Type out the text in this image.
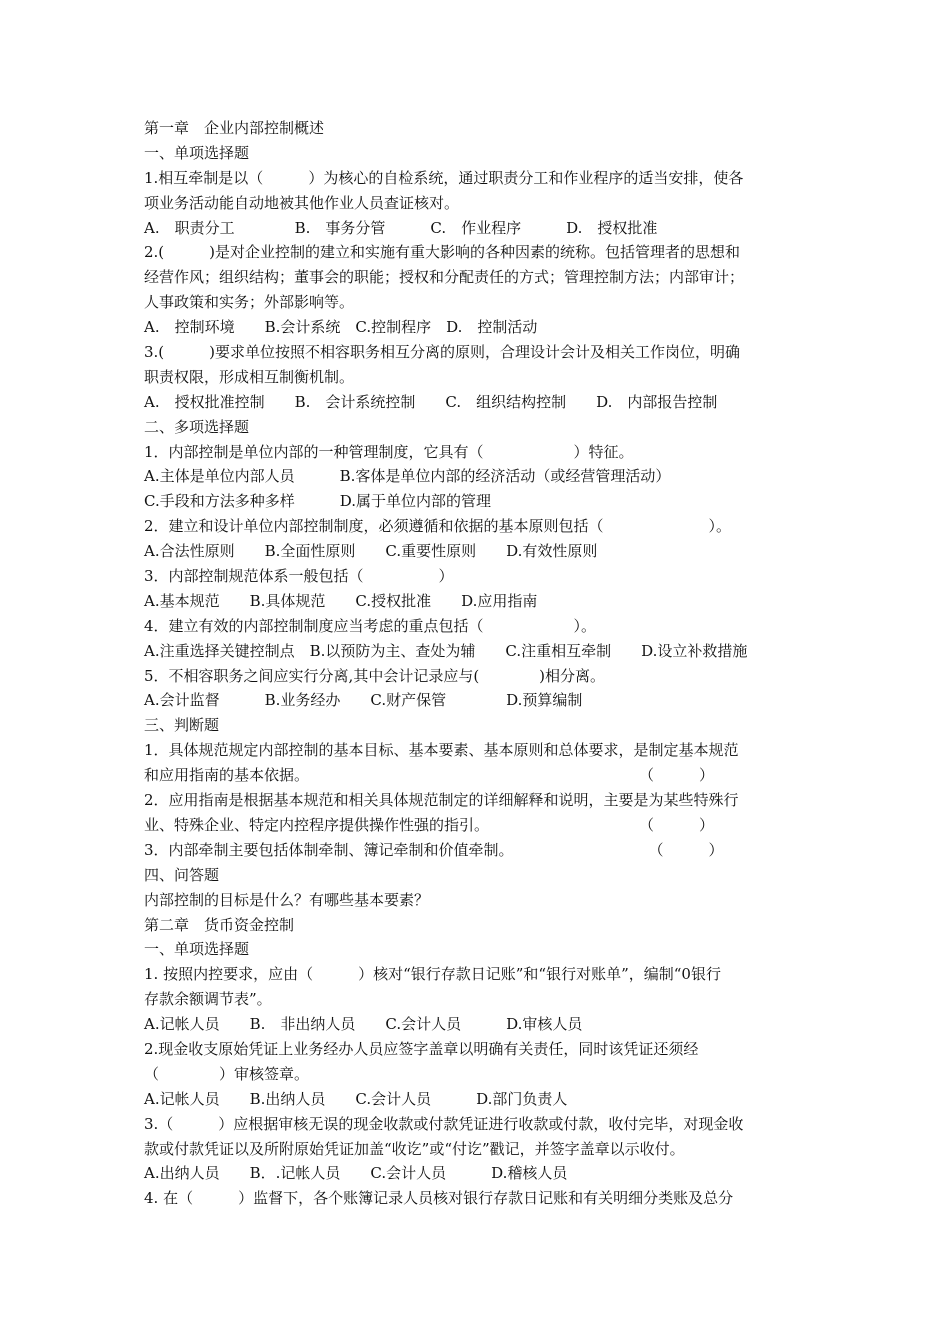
第一章　企业内部控制概述
一、单项选择题
1.相互牵制是以（　　　）为核心的自检系统，通过职责分工和作业程序的适当安排，使各
项业务活动能自动地被其他作业人员查证核对。
A.　职责分工　　　　B.　事务分管　　　C.　作业程序　　　D.　授权批准
2.(　　　)是对企业控制的建立和实施有重大影响的各种因素的统称。包括管理者的思想和
经营作风；组织结构；董事会的职能；授权和分配责任的方式；管理控制方法；内部审计；
人事政策和实务；外部影响等。
A.　控制环境　　B.会计系统　C.控制程序　D.　控制活动
3.(　　　)要求单位按照不相容职务相互分离的原则，合理设计会计及相关工作岗位，明确
职责权限，形成相互制衡机制。
A.　授权批准控制　　B.　会计系统控制　　C.　组织结构控制　　D.　内部报告控制
二、多项选择题
1．内部控制是单位内部的一种管理制度，它具有（　　　　　　）特征。
A.主体是单位内部人员　　　B.客体是单位内部的经济活动（或经营管理活动）
C.手段和方法多种多样　　　D.属于单位内部的管理
2．建立和设计单位内部控制制度，必须遵循和依据的基本原则包括（　　　　　　　）。
A.合法性原则　　B.全面性原则　　C.重要性原则　　D.有效性原则
3．内部控制规范体系一般包括（　　　　　）
A.基本规范　　B.具体规范　　C.授权批准　　D.应用指南
4．建立有效的内部控制制度应当考虑的重点包括（　　　　　　）。
A.注重选择关键控制点　B.以预防为主、查处为辅　　C.注重相互牵制　　D.设立补救措施
5．不相容职务之间应实行分离,其中会计记录应与(　　　　)相分离。
A.会计监督　　　B.业务经办　　C.财产保管　　　　D.预算编制
三、判断题
1．具体规范规定内部控制的基本目标、基本要素、基本原则和总体要求，是制定基本规范
和应用指南的基本依据。　　　　　　　　　　　　　　　　　　　　　　　（　　　）
2．应用指南是根据基本规范和相关具体规范制定的详细解释和说明，主要是为某些特殊行
业、特殊企业、特定内控程序提供操作性强的指引。　　　　　　　　　　　（　　　）
3．内部牵制主要包括体制牵制、簿记牵制和价值牵制。　　　　　　　　　　（　　　）
四、问答题
内部控制的目标是什么？有哪些基本要素？
第二章　货币资金控制
一、单项选择题
1. 按照内控要求，应由（　　　）核对“银行存款日记账”和“银行对账单”，编制“0银行
存款余额调节表”。
A.记帐人员　　B.　非出纳人员　　C.会计人员　　　D.审核人员
2.现金收支原始凭证上业务经办人员应签字盖章以明确有关责任，同时该凭证还须经
（　　　　）审核签章。
A.记帐人员　　B.出纳人员　　C.会计人员　　　D.部门负责人
3.（　　　）应根据审核无误的现金收款或付款凭证进行收款或付款，收付完毕，对现金收
款或付款凭证以及所附原始凭证加盖“收讫”或“付讫”戳记，并签字盖章以示收付。
A.出纳人员　　B．.记帐人员　　C.会计人员　　　D.稽核人员
4. 在（　　　）监督下，各个账簿记录人员核对银行存款日记账和有关明细分类账及总分
